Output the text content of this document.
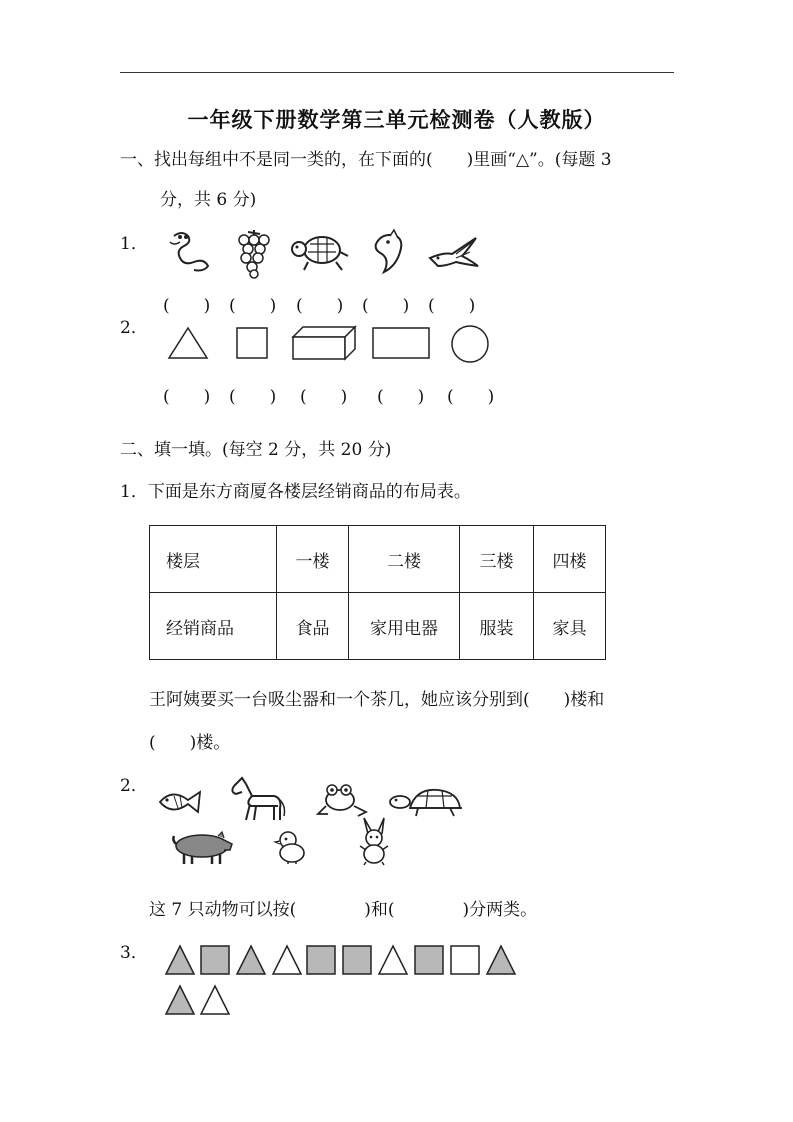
一年级下册数学第三单元检测卷（人教版）
一、找出每组中不是同一类的，在下面的(　　)里画“△”。(每题 3
分，共 6 分)
1．
(　　) (　　) (　　) (　　) (　　)
2．
(　　) (　　) (　　) (　　) (　　)
二、填一填。(每空 2 分，共 20 分)
1．下面是东方商厦各楼层经销商品的布局表。
楼层	一楼	二楼	三楼	四楼
经销商品	食品	家用电器	服装	家具
王阿姨要买一台吸尘器和一个茶几，她应该分别到(　　)楼和
(　　)楼。
2．
这 7 只动物可以按(　　　　)和(　　　　)分两类。
3．
